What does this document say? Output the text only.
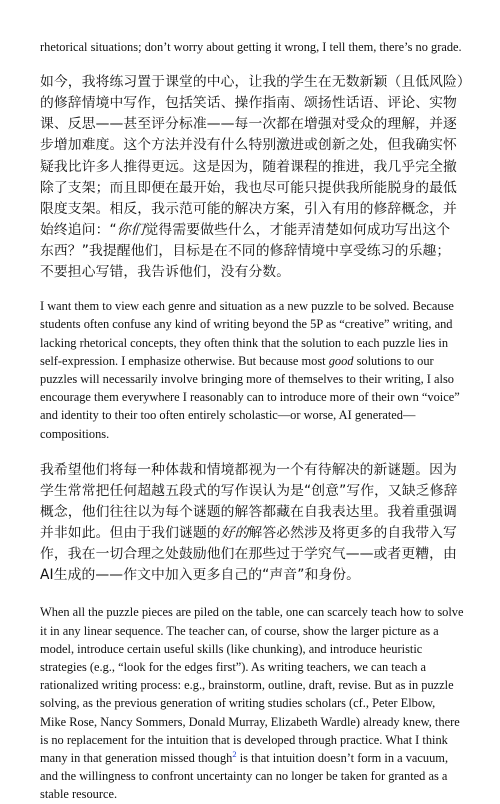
rhetorical situations; don’t worry about getting it wrong, I tell them, there’s no grade.

如今，我将练习置于课堂的中心，让我的学生在无数新颖（且低风险）的修辞情境中写作，包括笑话、操作指南、颂扬性话语、评论、实物课、反思——甚至评分标准——每一次都在增强对受众的理解，并逐步增加难度。这个方法并没有什么特别激进或创新之处，但我确实怀疑我比许多人推得更远。这是因为，随着课程的推进，我几乎完全撤除了支架；而且即便在最开始，我也尽可能只提供我所能脱身的最低限度支架。相反，我示范可能的解决方案，引入有用的修辞概念，并始终追问：“你们觉得需要做些什么，才能弄清楚如何成功写出这个东西？”我提醒他们，目标是在不同的修辞情境中享受练习的乐趣；不要担心写错，我告诉他们，没有分数。

I want them to view each genre and situation as a new puzzle to be solved. Because students often confuse any kind of writing beyond the 5P as “creative” writing, and lacking rhetorical concepts, they often think that the solution to each puzzle lies in self-expression. I emphasize otherwise. But because most good solutions to our puzzles will necessarily involve bringing more of themselves to their writing, I also encourage them everywhere I reasonably can to introduce more of their own “voice” and identity to their too often entirely scholastic—or worse, AI generated—compositions.

我希望他们将每一种体裁和情境都视为一个有待解决的新谜题。因为学生常常把任何超越五段式的写作误认为是“创意”写作，又缺乏修辞概念，他们往往以为每个谜题的解答都藏在自我表达里。我着重强调并非如此。但由于我们谜题的好的解答必然涉及将更多的自我带入写作，我在一切合理之处鼓励他们在那些过于学究气——或者更糟，由AI生成的——作文中加入更多自己的“声音”和身份。

When all the puzzle pieces are piled on the table, one can scarcely teach how to solve it in any linear sequence. The teacher can, of course, show the larger picture as a model, introduce certain useful skills (like chunking), and introduce heuristic strategies (e.g., “look for the edges first”). As writing teachers, we can teach a rationalized writing process: e.g., brainstorm, outline, draft, revise. But as in puzzle solving, as the previous generation of writing studies scholars (cf., Peter Elbow, Mike Rose, Nancy Sommers, Donald Murray, Elizabeth Wardle) already knew, there is no replacement for the intuition that is developed through practice. What I think many in that generation missed though$^2$ is that intuition doesn’t form in a vacuum, and the willingness to confront uncertainty can no longer be taken for granted as a stable resource.
